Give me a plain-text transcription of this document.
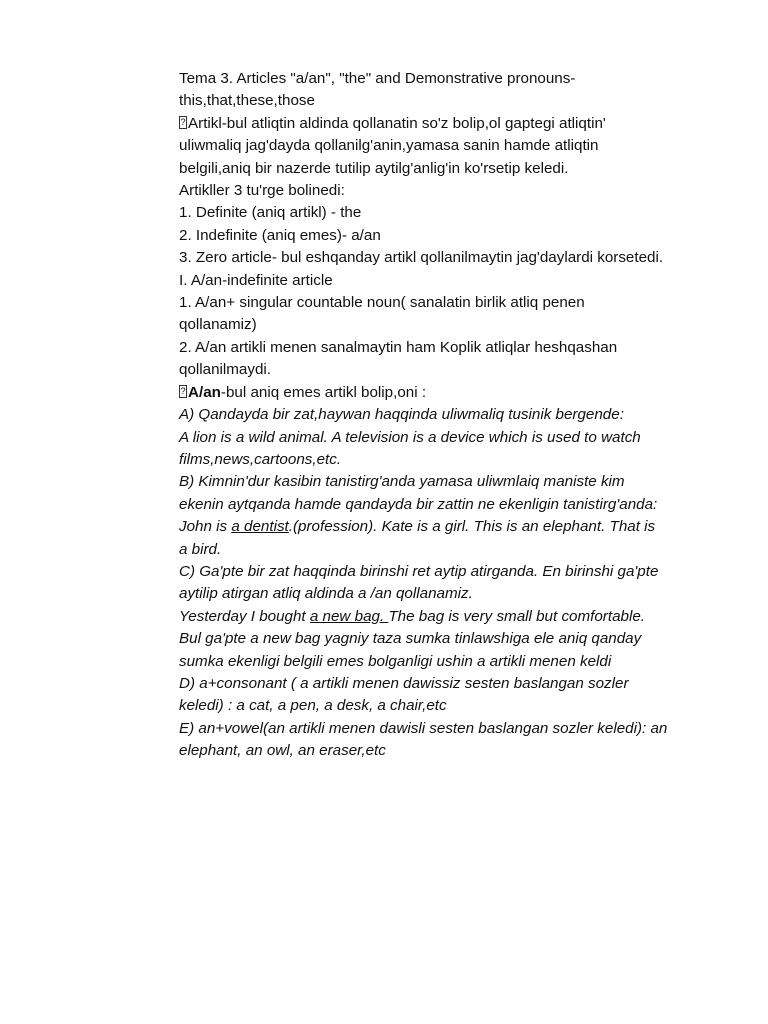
Tema 3. Articles "a/an", "the" and Demonstrative pronouns-
this,that,these,those
?Artikl-bul atliqtin aldinda qollanatin so'z bolip,ol gaptegi atliqtin'
uliwmaliq jag'dayda qollanilg'anin,yamasa sanin hamde atliqtin
belgili,aniq bir nazerde tutilip aytilg'anlig'in ko'rsetip keledi.
Artikller 3 tu'rge bolinedi:
1. Definite (aniq artikl) - the
2. Indefinite (aniq emes)- a/an
3. Zero article- bul eshqanday artikl qollanilmaytin jag'daylardi korsetedi.
I. A/an-indefinite article
1. A/an+ singular countable noun( sanalatin birlik atliq penen
qollanamiz)
2. A/an artikli menen sanalmaytin ham Koplik atliqlar heshqashan
qollanilmaydi.
?A/an-bul aniq emes artikl bolip,oni :
A) Qandayda bir zat,haywan haqqinda uliwmaliq tusinik bergende:
A lion is a wild animal. A television is a device which is used to watch
films,news,cartoons,etc.
B) Kimnin'dur kasibin tanistirg'anda yamasa uliwmlaiq maniste kim
ekenin aytqanda hamde qandayda bir zattin ne ekenligin tanistirg'anda:
John is a dentist.(profession). Kate is a girl. This is an elephant. That is
a bird.
C) Ga'pte bir zat haqqinda birinshi ret aytip atirganda. En birinshi ga'pte
aytilip atirgan atliq aldinda a /an qollanamiz.
Yesterday I bought a new bag. The bag is very small but comfortable.
Bul ga'pte a new bag yagniy taza sumka tinlawshiga ele aniq qanday
sumka ekenligi belgili emes bolganligi ushin a artikli menen keldi
D) a+consonant ( a artikli menen dawissiz sesten baslangan sozler
keledi) : a cat, a pen, a desk, a chair,etc
E) an+vowel(an artikli menen dawisli sesten baslangan sozler keledi): an
elephant, an owl, an eraser,etc
